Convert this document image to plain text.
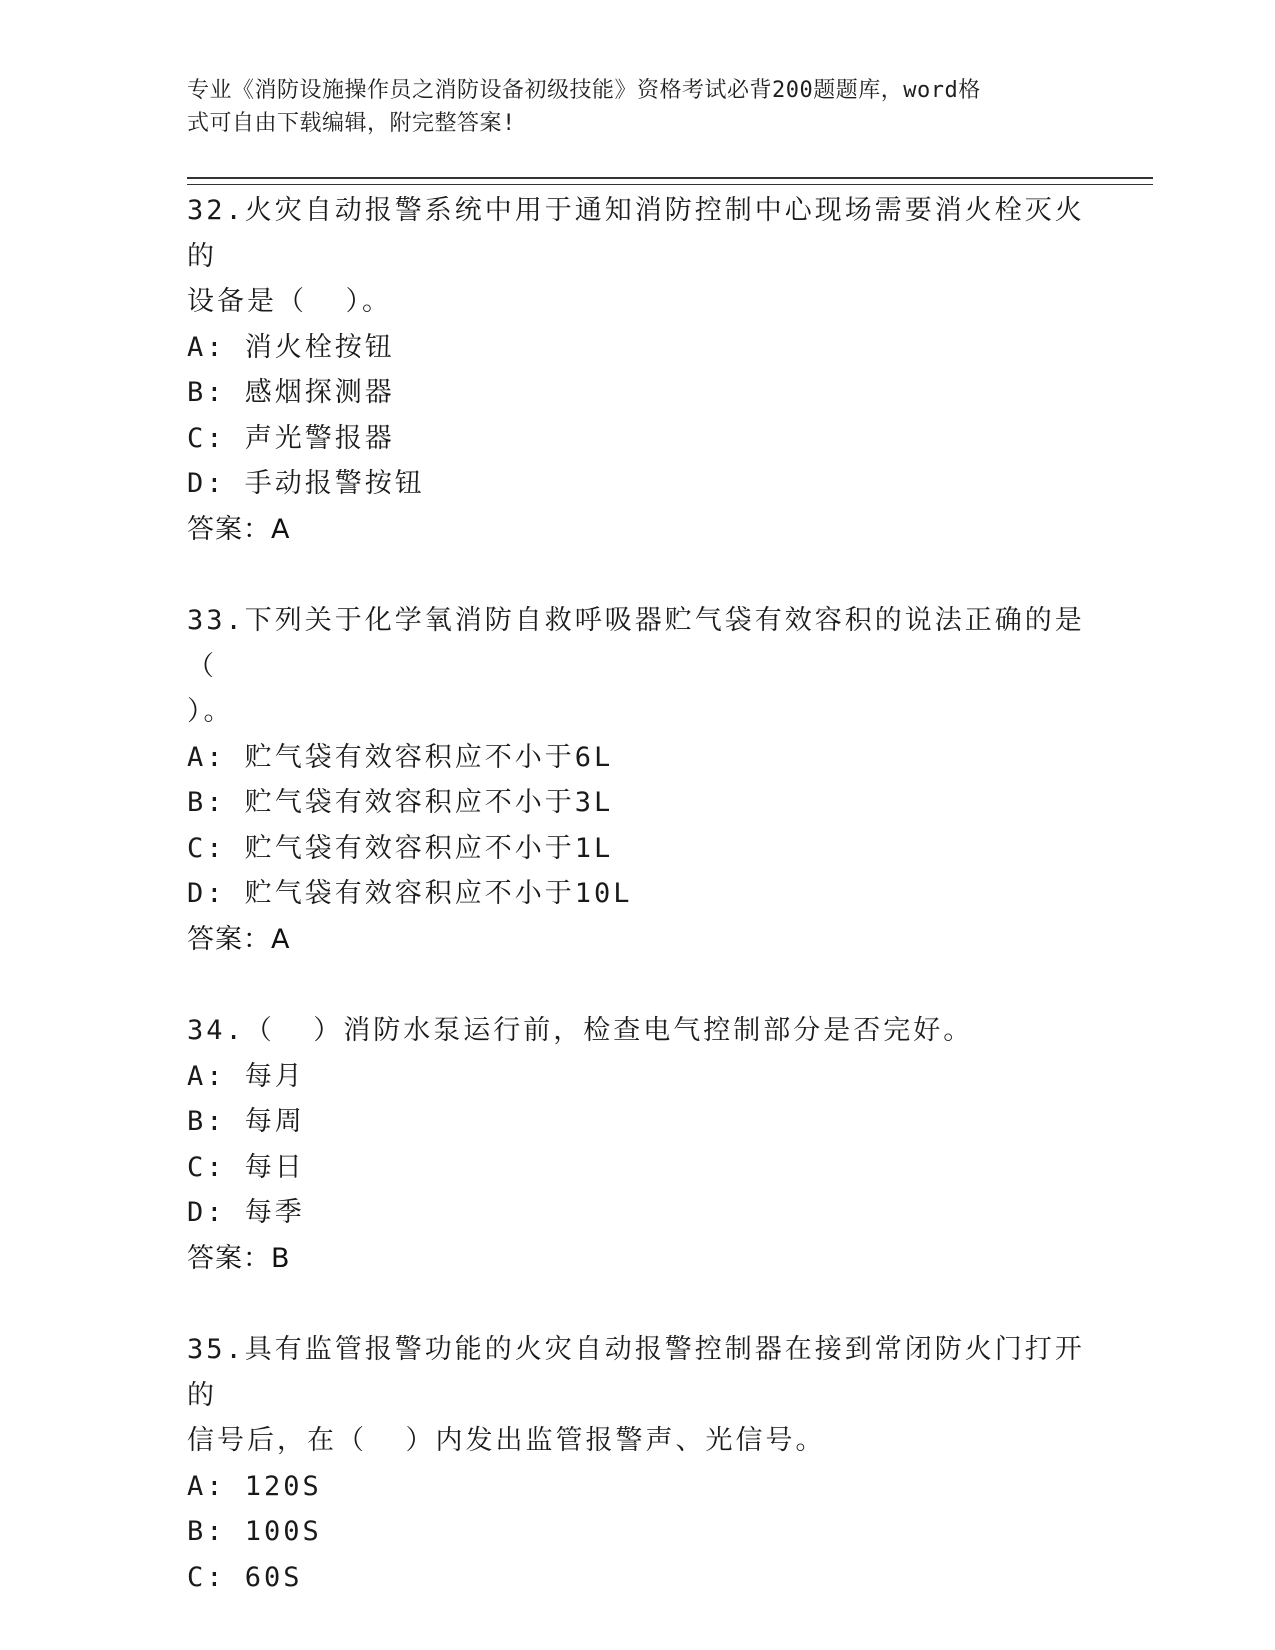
专业《消防设施操作员之消防设备初级技能》资格考试必背200题题库，word格
式可自由下载编辑，附完整答案!
32.火灾自动报警系统中用于通知消防控制中心现场需要消火栓灭火的
设备是（  ）。
A: 消火栓按钮
B: 感烟探测器
C: 声光警报器
D: 手动报警按钮
答案：A
33.下列关于化学氧消防自救呼吸器贮气袋有效容积的说法正确的是（
）。
A: 贮气袋有效容积应不小于6L
B: 贮气袋有效容积应不小于3L
C: 贮气袋有效容积应不小于1L
D: 贮气袋有效容积应不小于10L
答案：A
34.（  ）消防水泵运行前，检查电气控制部分是否完好。
A: 每月
B: 每周
C: 每日
D: 每季
答案：B
35.具有监管报警功能的火灾自动报警控制器在接到常闭防火门打开的
信号后，在（  ）内发出监管报警声、光信号。
A: 120S
B: 100S
C: 60S
